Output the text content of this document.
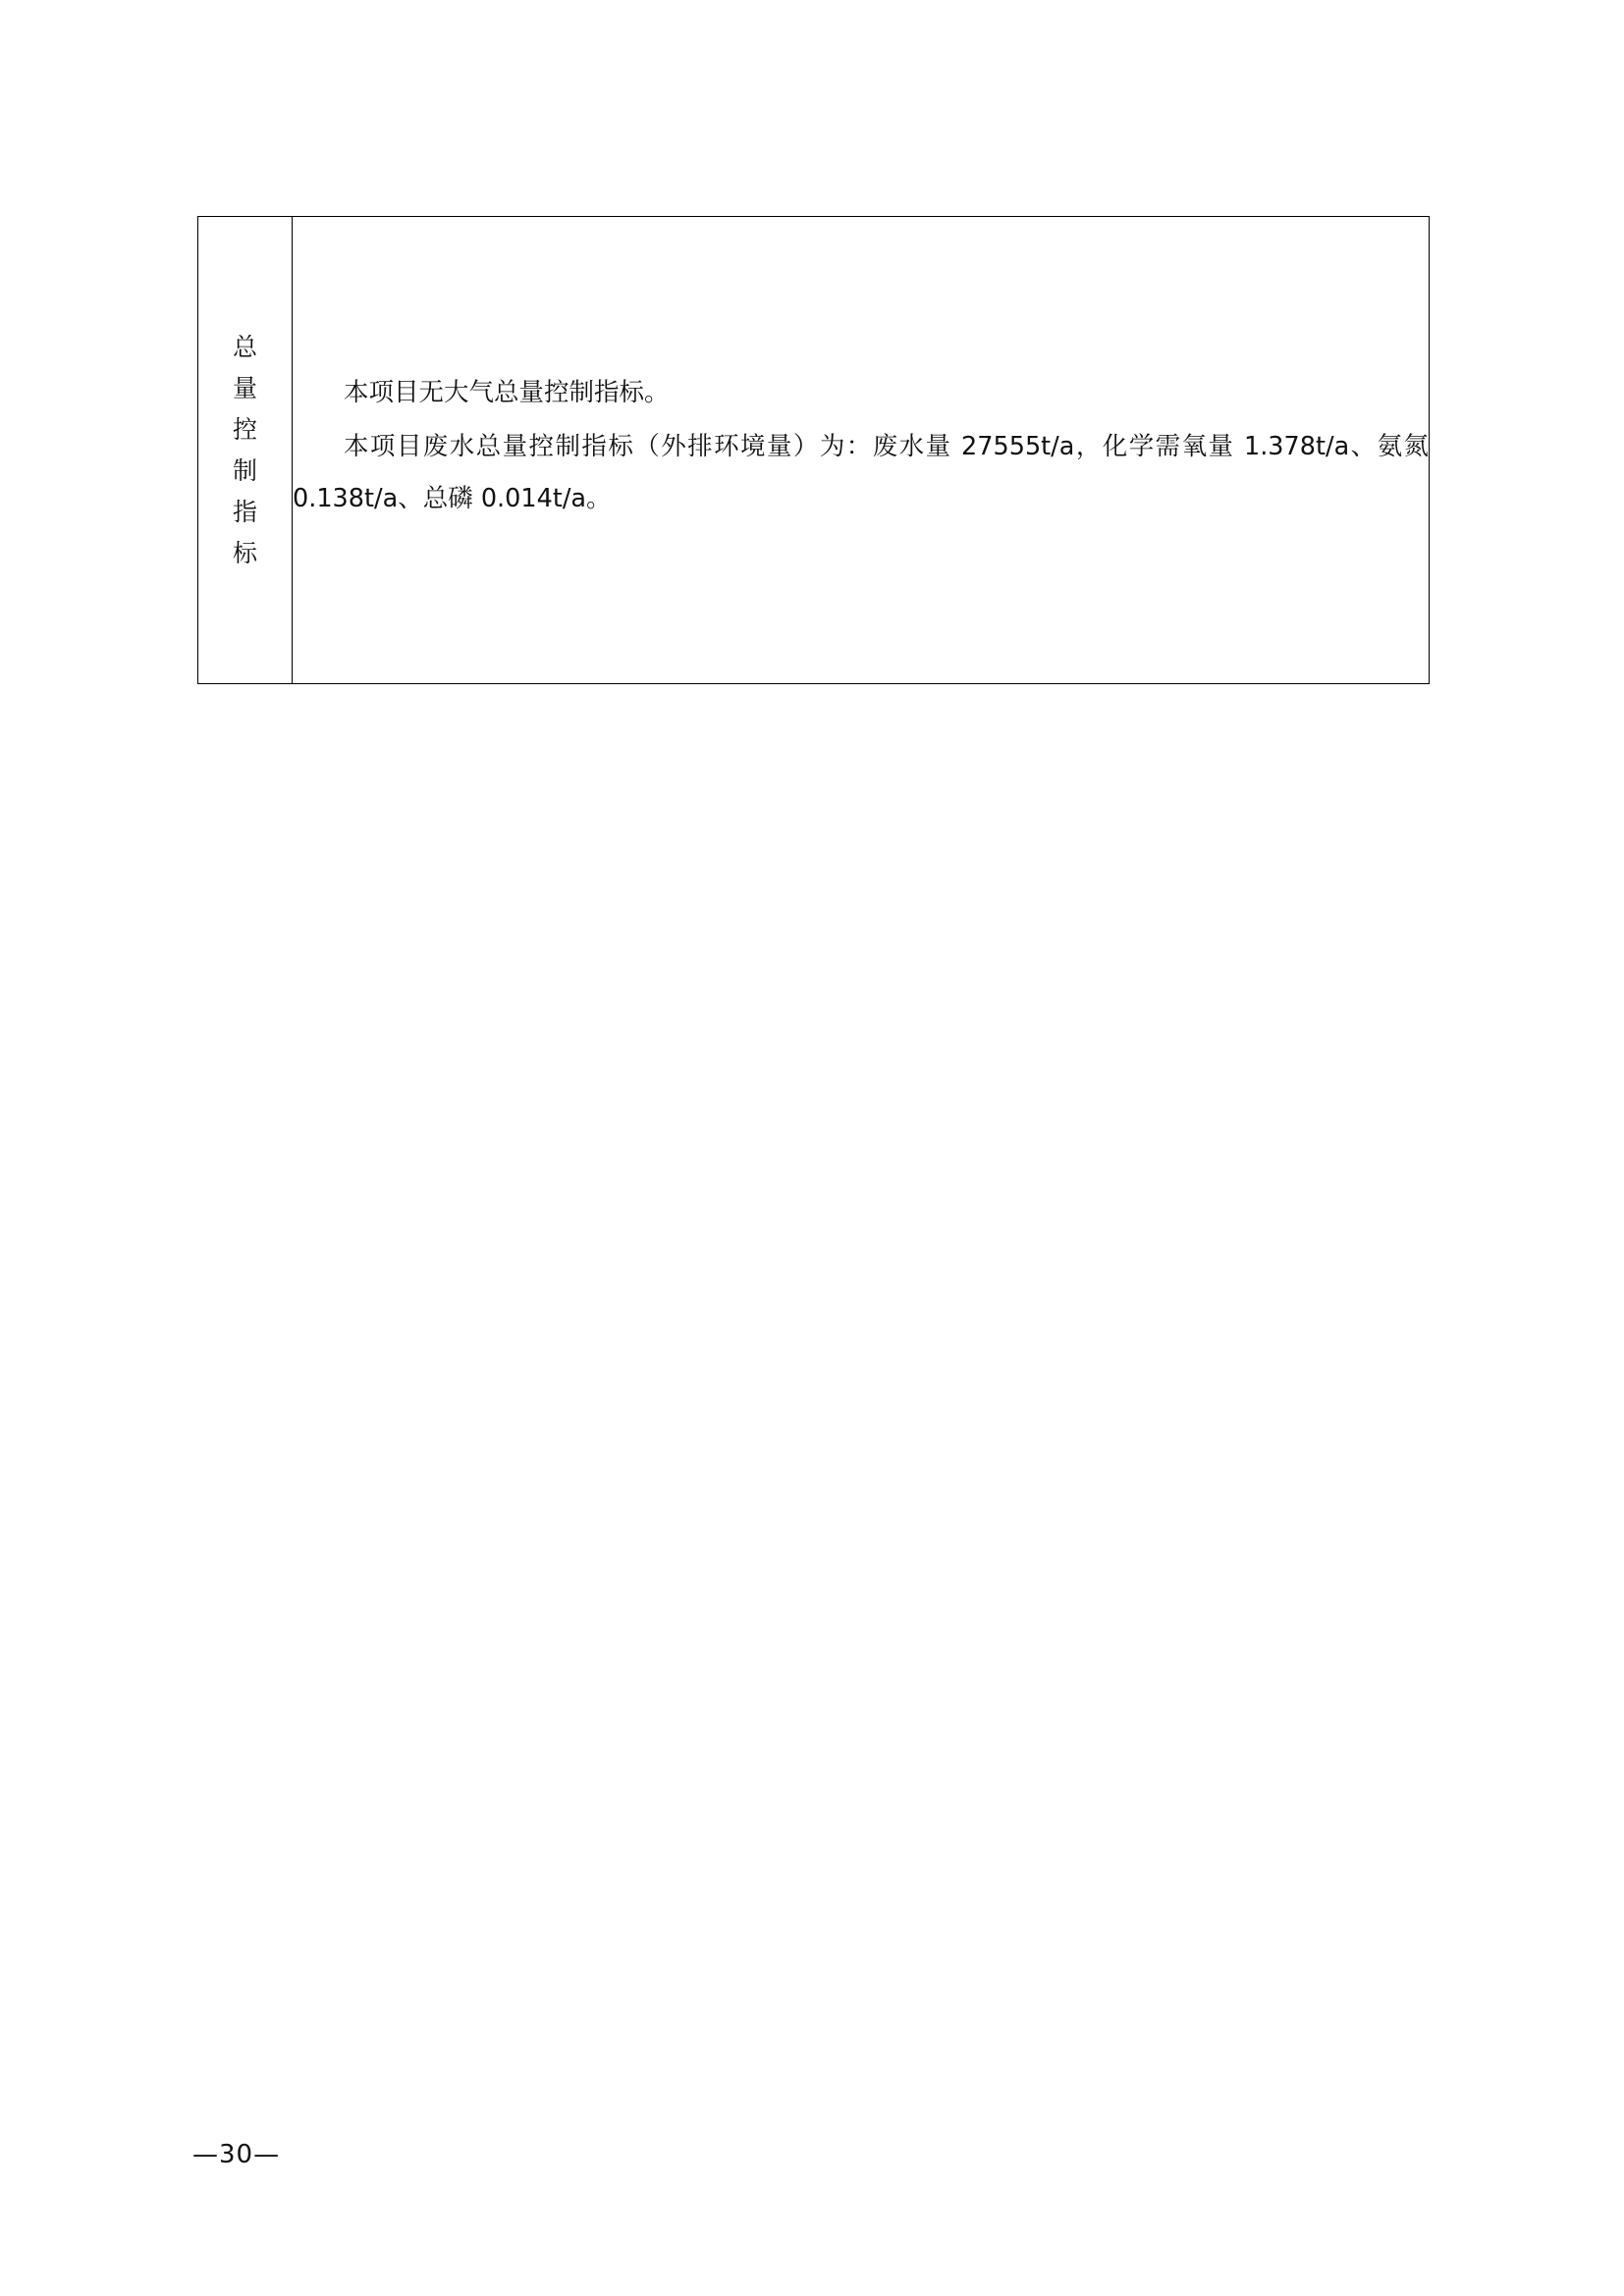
总量控制指标	

本项目无大气总量控制指标。

本项目废水总量控制指标（外排环境量）为：废水量 27555t/a，化学需氧量 1.378t/a、氨氮 0.138t/a、总磷 0.014t/a。

—30—
